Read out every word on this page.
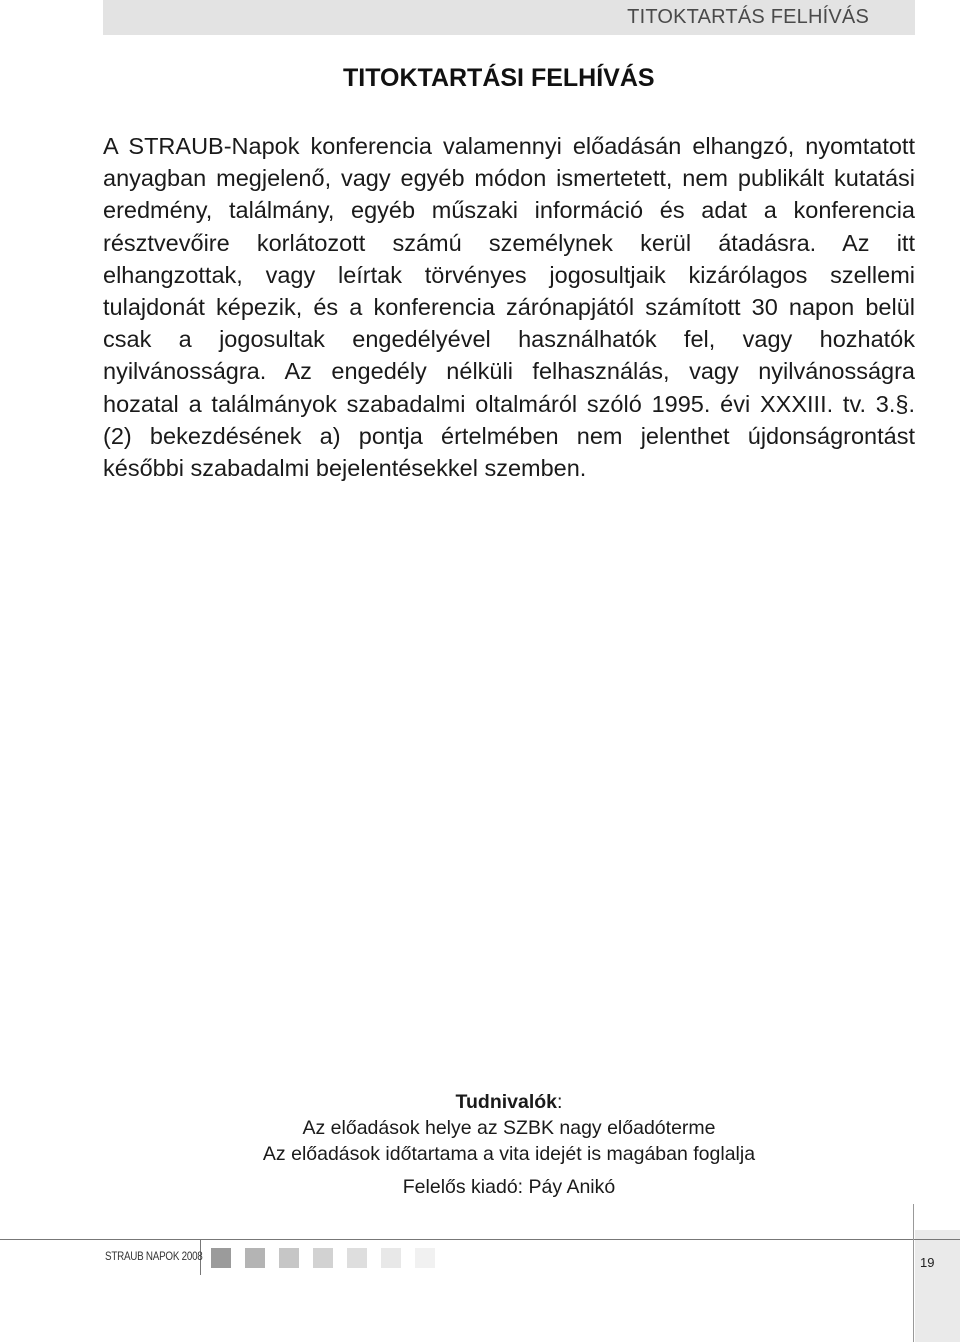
TITOKTARTÁS FELHÍVÁS
TITOKTARTÁSI FELHÍVÁS

A STRAUB-Napok konferencia valamennyi előadásán elhangzó, nyomtatott anyagban megjelenő, vagy egyéb módon ismertetett, nem publikált kutatási eredmény, találmány, egyéb műszaki információ és adat a konferencia résztvevőire korlátozott számú személynek kerül átadásra. Az itt elhangzottak, vagy leírtak törvényes jogosultjaik kizárólagos szellemi tulajdonát képezik, és a konferencia zárónapjától számított 30 napon belül csak a jogosultak engedélyével használhatók fel, vagy hozhatók nyilvánosságra. Az engedély nélküli felhasználás, vagy nyilvánosságra hozatal a találmányok szabadalmi oltalmáról szóló 1995. évi XXXIII. tv. 3.§. (2) bekezdésének a) pontja értelmében nem jelenthet újdonságrontást későbbi szabadalmi bejelentésekkel szemben.

Tudnivalók:
Az előadások helye az SZBK nagy előadóterme
Az előadások időtartama a vita idejét is magában foglalja
Felelős kiadó: Páy Anikó
STRAUB NAPOK 2008	19
